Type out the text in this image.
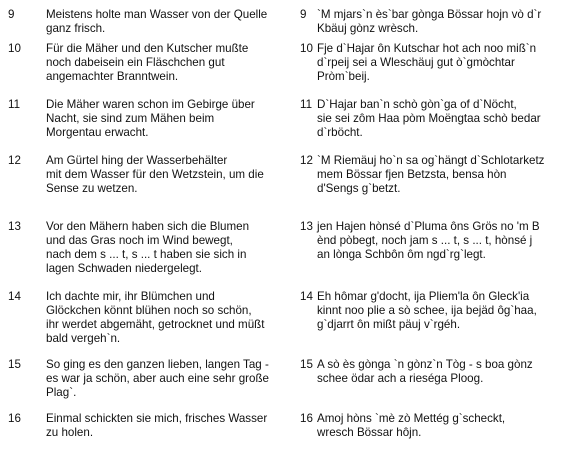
9	Meistens holte man Wasser von der Quelle
ganz frisch.
10 Für die Mäher und den Kutscher mußte
noch dabeisein ein Fläschchen gut
angemachter Branntwein.
11 Die Mäher waren schon im Gebirge über
Nacht, sie sind zum Mähen beim
Morgentau erwacht.
12 Am Gürtel hing der Wasserbehälter
mit dem Wasser für den Wetzstein, um die
Sense zu wetzen.
13 Vor den Mähern haben sich die Blumen
und das Gras noch im Wind bewegt,
nach dem s ... t, s ... t haben sie sich in
lagen Schwaden niedergelegt.
14 Ich dachte mir, ihr Blümchen und
Glöckchen könnt blühen noch so schön,
ihr werdet abgemäht, getrocknet und müßt
bald vergeh`n.
15 So ging es den ganzen lieben, langen Tag -
es war ja schön, aber auch eine sehr große
Plag`.
16 Einmal schickten sie mich, frisches Wasser
zu holen.
9 `M mjars`n ès`bar gònga Bössar hojn vò d`r
Kbäuj gònz wrèsch.
10 Fje d`Hajar ôn Kutschar hot ach noo miß`n
d`rpeij sei a Wleschäuj gut ò`gmòchtar
Pròm`beij.
11 D`Hajar ban`n schò gòn`ga of d`Nöcht,
sie sei zôm Haa pòm Moëngtaa schò bedar
d`rböcht.
12 `M Riemäuj ho`n sa og`hängt d`Schlotarketz
mem Bössar fjen Betzsta, bensa hòn
d'Sengs g`betzt.
13 jen Hajen hònsé d`Pluma ôns Grös no 'm B
ènd pòbegt, noch jam s ... t, s ... t, hònsé j
an lònga Schbôn ôm ngd`rg`legt.
14 Eh hômar g'docht, ija Pliem'la ôn Gleck'ia
kinnt noo plie a sò schee, ija bejäd ôg`haa,
g`djarrt ôn mißt päuj v`rgéh.
15 A sò ès gònga `n gònz`n Tòg - s boa gònz
schee ödar ach a rieséga Ploog.
16 Amoj hòns `mè zò Mettég g`scheckt,
wresch Bössar hôjn.
